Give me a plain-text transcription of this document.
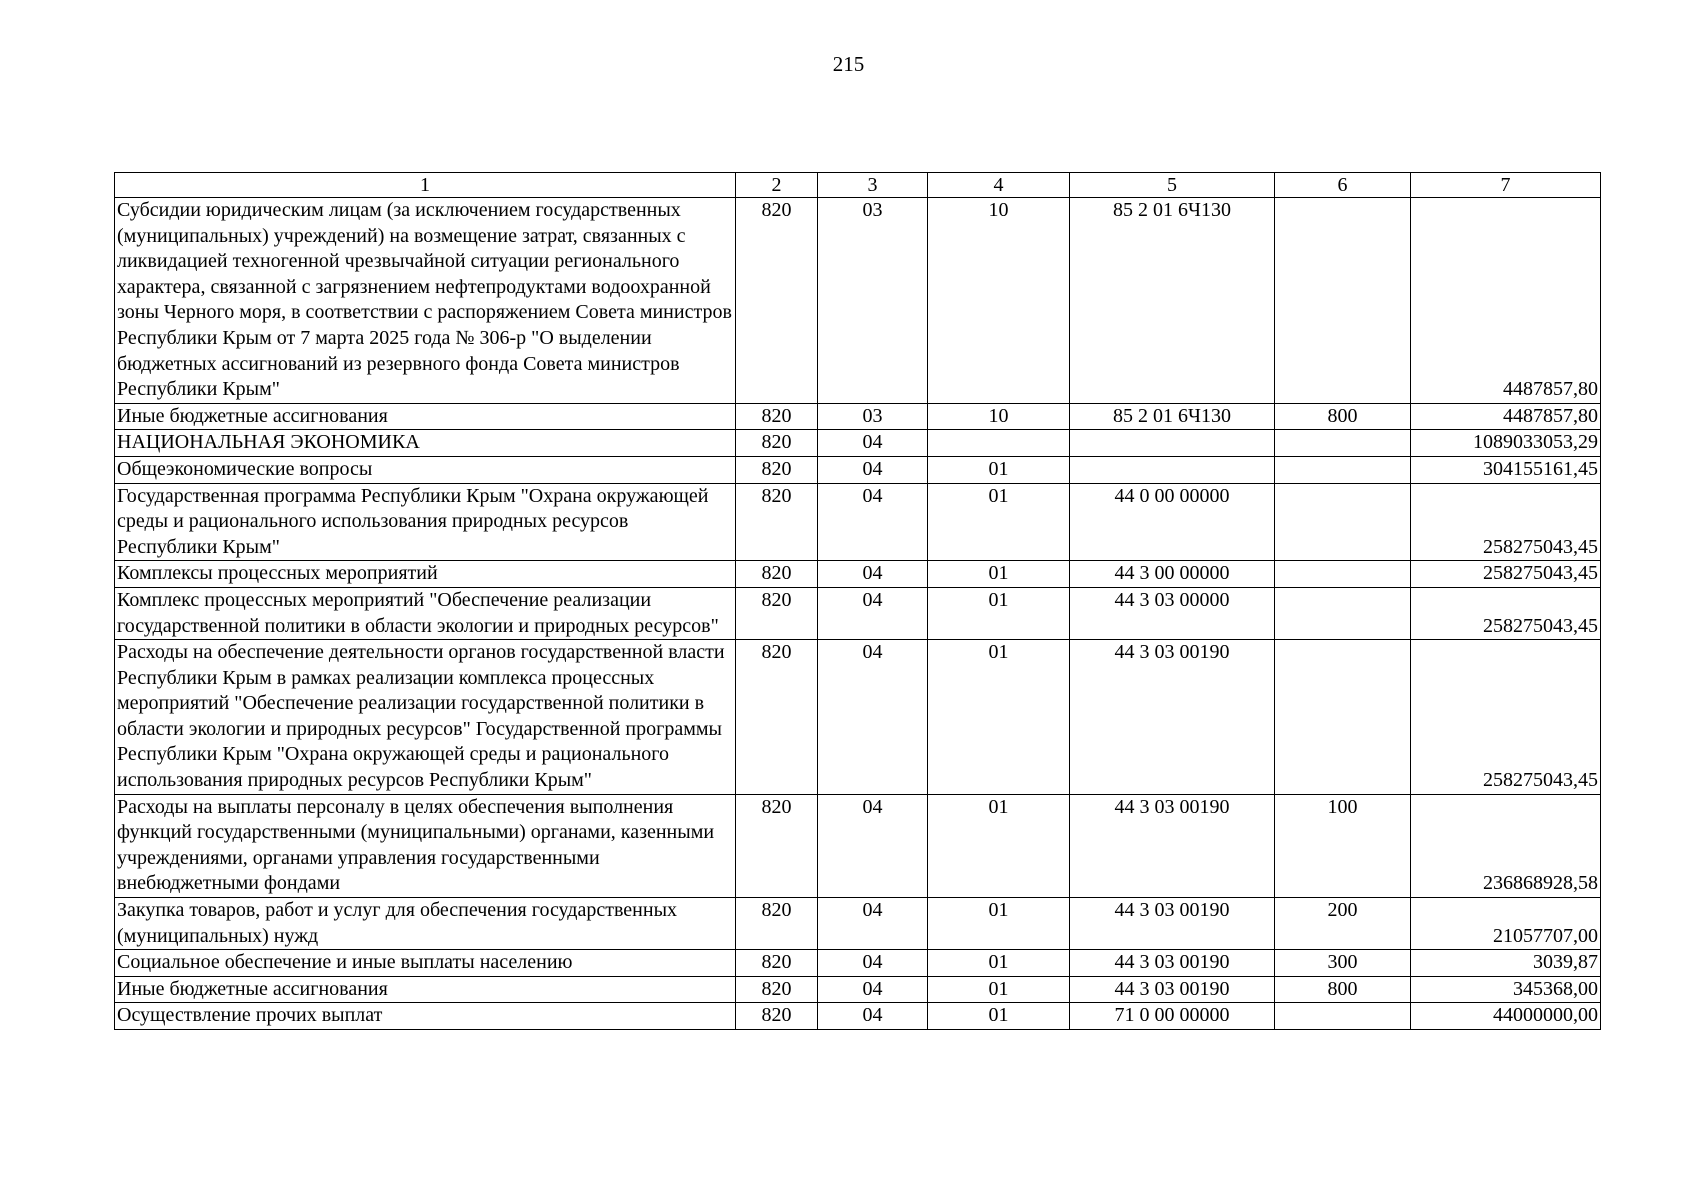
215
1	2	3	4	5	6	7
Субсидии юридическим лицам (за исключением государственных (муниципальных) учреждений) на возмещение затрат, связанных с ликвидацией техногенной чрезвычайной ситуации регионального характера, связанной с загрязнением нефтепродуктами водоохранной зоны Черного моря, в соответствии с распоряжением Совета министров Республики Крым от 7 марта 2025 года № 306-р "О выделении бюджетных ассигнований из резервного фонда Совета министров Республики Крым"	820	03	10	85 2 01 6Ч130		4487857,80
Иные бюджетные ассигнования	820	03	10	85 2 01 6Ч130	800	4487857,80
НАЦИОНАЛЬНАЯ ЭКОНОМИКА	820	04				1089033053,29
Общеэкономические вопросы	820	04	01			304155161,45
Государственная программа Республики Крым "Охрана окружающей среды и рационального использования природных ресурсов Республики Крым"	820	04	01	44 0 00 00000		258275043,45
Комплексы процессных мероприятий	820	04	01	44 3 00 00000		258275043,45
Комплекс процессных мероприятий "Обеспечение реализации государственной политики в области экологии и природных ресурсов"	820	04	01	44 3 03 00000		258275043,45
Расходы на обеспечение деятельности органов государственной власти Республики Крым в рамках реализации комплекса процессных мероприятий "Обеспечение реализации государственной политики в области экологии и природных ресурсов" Государственной программы Республики Крым "Охрана окружающей среды и рационального использования природных ресурсов Республики Крым"	820	04	01	44 3 03 00190		258275043,45
Расходы на выплаты персоналу в целях обеспечения выполнения функций государственными (муниципальными) органами, казенными учреждениями, органами управления государственными внебюджетными фондами	820	04	01	44 3 03 00190	100	236868928,58
Закупка товаров, работ и услуг для обеспечения государственных (муниципальных) нужд	820	04	01	44 3 03 00190	200	21057707,00
Социальное обеспечение и иные выплаты населению	820	04	01	44 3 03 00190	300	3039,87
Иные бюджетные ассигнования	820	04	01	44 3 03 00190	800	345368,00
Осуществление прочих выплат	820	04	01	71 0 00 00000		44000000,00
